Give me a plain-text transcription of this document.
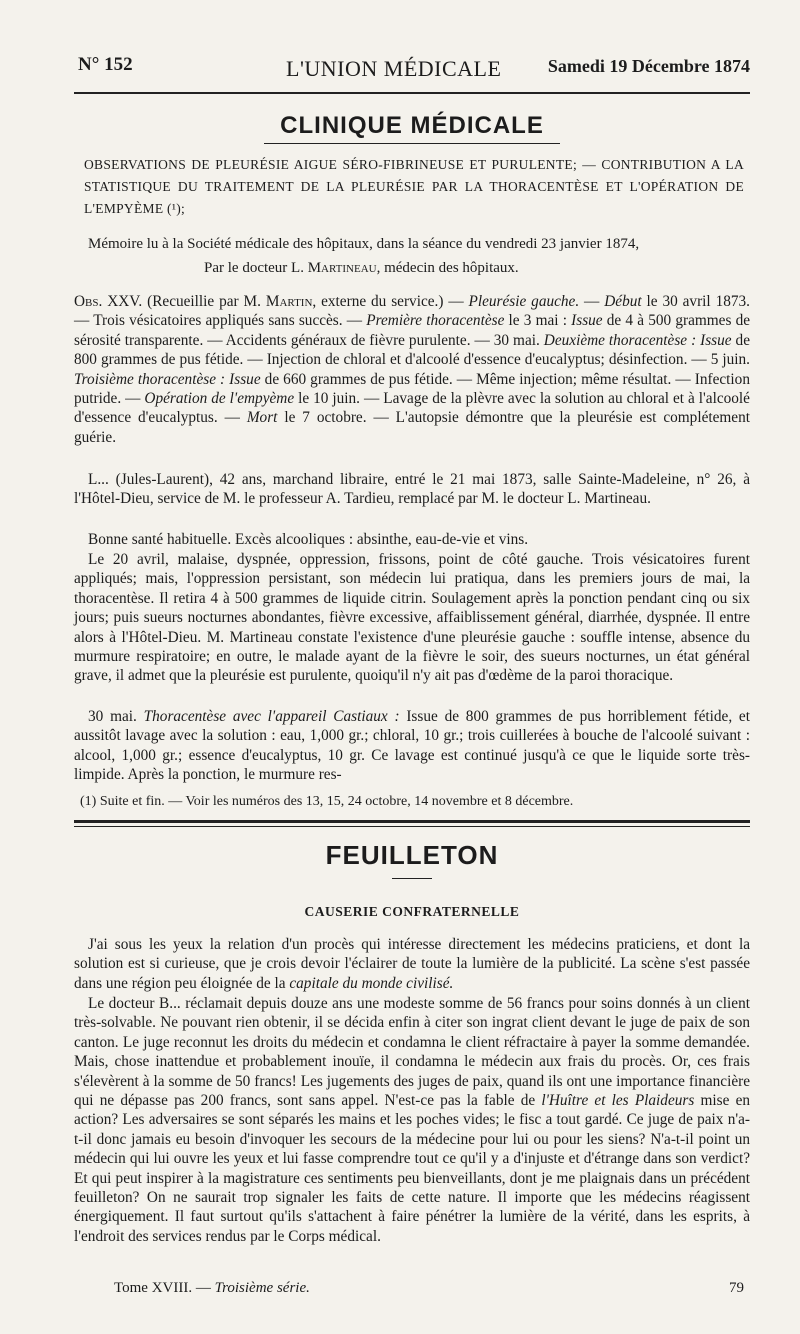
N° 152	L'UNION MÉDICALE	Samedi 19 Décembre 1874
CLINIQUE MÉDICALE
OBSERVATIONS DE PLEURÉSIE AIGUE SÉRO-FIBRINEUSE ET PURULENTE; — CONTRIBUTION A LA STATISTIQUE DU TRAITEMENT DE LA PLEURÉSIE PAR LA THORACENTÈSE ET L'OPÉRATION DE L'EMPYÈME (¹);
Mémoire lu à la Société médicale des hôpitaux, dans la séance du vendredi 23 janvier 1874,
Par le docteur L. Martineau, médecin des hôpitaux.
Obs. XXV. (Recueillie par M. Martin, externe du service.) — Pleurésie gauche. — Début le 30 avril 1873. — Trois vésicatoires appliqués sans succès. — Première thoracentèse le 3 mai : Issue de 4 à 500 grammes de sérosité transparente. — Accidents généraux de fièvre purulente. — 30 mai. Deuxième thoracentèse : Issue de 800 grammes de pus fétide. — Injection de chloral et d'alcoolé d'essence d'eucalyptus; désinfection. — 5 juin. Troisième thoracentèse : Issue de 660 grammes de pus fétide. — Même injection; même résultat. — Infection putride. — Opération de l'empyème le 10 juin. — Lavage de la plèvre avec la solution au chloral et à l'alcoolé d'essence d'eucalyptus. — Mort le 7 octobre. — L'autopsie démontre que la pleurésie est complétement guérie.

L... (Jules-Laurent), 42 ans, marchand libraire, entré le 21 mai 1873, salle Sainte-Madeleine, n° 26, à l'Hôtel-Dieu, service de M. le professeur A. Tardieu, remplacé par M. le docteur L. Martineau.

Bonne santé habituelle. Excès alcooliques : absinthe, eau-de-vie et vins.

Le 20 avril, malaise, dyspnée, oppression, frissons, point de côté gauche. Trois vésicatoires furent appliqués; mais, l'oppression persistant, son médecin lui pratiqua, dans les premiers jours de mai, la thoracentèse. Il retira 4 à 500 grammes de liquide citrin. Soulagement après la ponction pendant cinq ou six jours; puis sueurs nocturnes abondantes, fièvre excessive, affaiblissement général, diarrhée, dyspnée. Il entre alors à l'Hôtel-Dieu. M. Martineau constate l'existence d'une pleurésie gauche : souffle intense, absence du murmure respiratoire; en outre, le malade ayant de la fièvre le soir, des sueurs nocturnes, un état général grave, il admet que la pleurésie est purulente, quoiqu'il n'y ait pas d'œdème de la paroi thoracique.

30 mai. Thoracentèse avec l'appareil Castiaux : Issue de 800 grammes de pus horriblement fétide, et aussitôt lavage avec la solution : eau, 1,000 gr.; chloral, 10 gr.; trois cuillerées à bouche de l'alcoolé suivant : alcool, 1,000 gr.; essence d'eucalyptus, 10 gr. Ce lavage est continué jusqu'à ce que le liquide sorte très-limpide. Après la ponction, le murmure res-

(1) Suite et fin. — Voir les numéros des 13, 15, 24 octobre, 14 novembre et 8 décembre.
FEUILLETON
CAUSERIE CONFRATERNELLE

J'ai sous les yeux la relation d'un procès qui intéresse directement les médecins praticiens, et dont la solution est si curieuse, que je crois devoir l'éclairer de toute la lumière de la publicité. La scène s'est passée dans une région peu éloignée de la capitale du monde civilisé.

Le docteur B... réclamait depuis douze ans une modeste somme de 56 francs pour soins donnés à un client très-solvable. Ne pouvant rien obtenir, il se décida enfin à citer son ingrat client devant le juge de paix de son canton. Le juge reconnut les droits du médecin et condamna le client réfractaire à payer la somme demandée. Mais, chose inattendue et probablement inouïe, il condamna le médecin aux frais du procès. Or, ces frais s'élevèrent à la somme de 50 francs! Les jugements des juges de paix, quand ils ont une importance financière qui ne dépasse pas 200 francs, sont sans appel. N'est-ce pas la fable de l'Huître et les Plaideurs mise en action? Les adversaires se sont séparés les mains et les poches vides; le fisc a tout gardé. Ce juge de paix n'a-t-il donc jamais eu besoin d'invoquer les secours de la médecine pour lui ou pour les siens? N'a-t-il point un médecin qui lui ouvre les yeux et lui fasse comprendre tout ce qu'il y a d'injuste et d'étrange dans son verdict? Et qui peut inspirer à la magistrature ces sentiments peu bienveillants, dont je me plaignais dans un précédent feuilleton? On ne saurait trop signaler les faits de cette nature. Il importe que les médecins réagissent énergiquement. Il faut surtout qu'ils s'attachent à faire pénétrer la lumière de la vérité, dans les esprits, à l'endroit des services rendus par le Corps médical.

Tome XVIII. — Troisième série.	79
